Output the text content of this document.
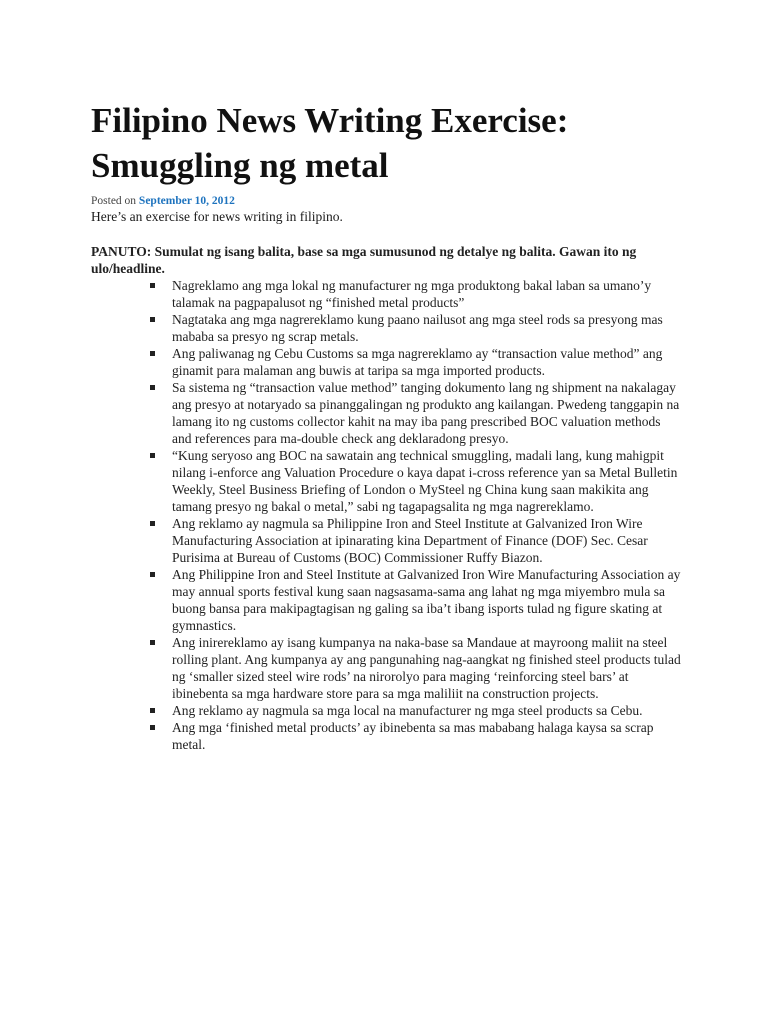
Filipino News Writing Exercise:
Smuggling ng metal
Posted on September 10, 2012

Here’s an exercise for news writing in filipino.

PANUTO: Sumulat ng isang balita, base sa mga sumusunod ng detalye ng balita. Gawan ito ng ulo/headline.

Nagreklamo ang mga lokal ng manufacturer ng mga produktong bakal laban sa umano’y talamak na pagpapalusot ng “finished metal products”
Nagtataka ang mga nagrereklamo kung paano nailusot ang mga steel rods sa presyong mas mababa sa presyo ng scrap metals.
Ang paliwanag ng Cebu Customs sa mga nagrereklamo ay “transaction value method” ang ginamit para malaman ang buwis at taripa sa mga imported products.
Sa sistema ng “transaction value method” tanging dokumento lang ng shipment na nakalagay ang presyo at notaryado sa pinanggalingan ng produkto ang kailangan. Pwedeng tanggapin na lamang ito ng customs collector kahit na may iba pang prescribed BOC valuation methods and references para ma-double check ang deklaradong presyo.
“Kung seryoso ang BOC na sawatain ang technical smuggling, madali lang, kung mahigpit nilang i-enforce ang Valuation Procedure o kaya dapat i-cross reference yan sa Metal Bulletin Weekly, Steel Business Briefing of London o MySteel ng China kung saan makikita ang tamang presyo ng bakal o metal,” sabi ng tagapagsalita ng mga nagrereklamo.
Ang reklamo ay nagmula sa Philippine Iron and Steel Institute at Galvanized Iron Wire Manufacturing Association at ipinarating kina Department of Finance (DOF) Sec. Cesar Purisima at Bureau of Customs (BOC) Commissioner Ruffy Biazon.
Ang Philippine Iron and Steel Institute at Galvanized Iron Wire Manufacturing Association ay may annual sports festival kung saan nagsasama-sama ang lahat ng mga miyembro mula sa buong bansa para makipagtagisan ng galing sa iba’t ibang isports tulad ng figure skating at gymnastics.
Ang inirereklamo ay isang kumpanya na naka-base sa Mandaue at mayroong maliit na steel rolling plant. Ang kumpanya ay ang pangunahing nag-aangkat ng finished steel products tulad ng ‘smaller sized steel wire rods’ na nirorolyo para maging ‘reinforcing steel bars’ at ibinebenta sa mga hardware store para sa mga maliliit na construction projects.
Ang reklamo ay nagmula sa mga local na manufacturer ng mga steel products sa Cebu.
Ang mga ‘finished metal products’ ay ibinebenta sa mas mababang halaga kaysa sa scrap metal.
